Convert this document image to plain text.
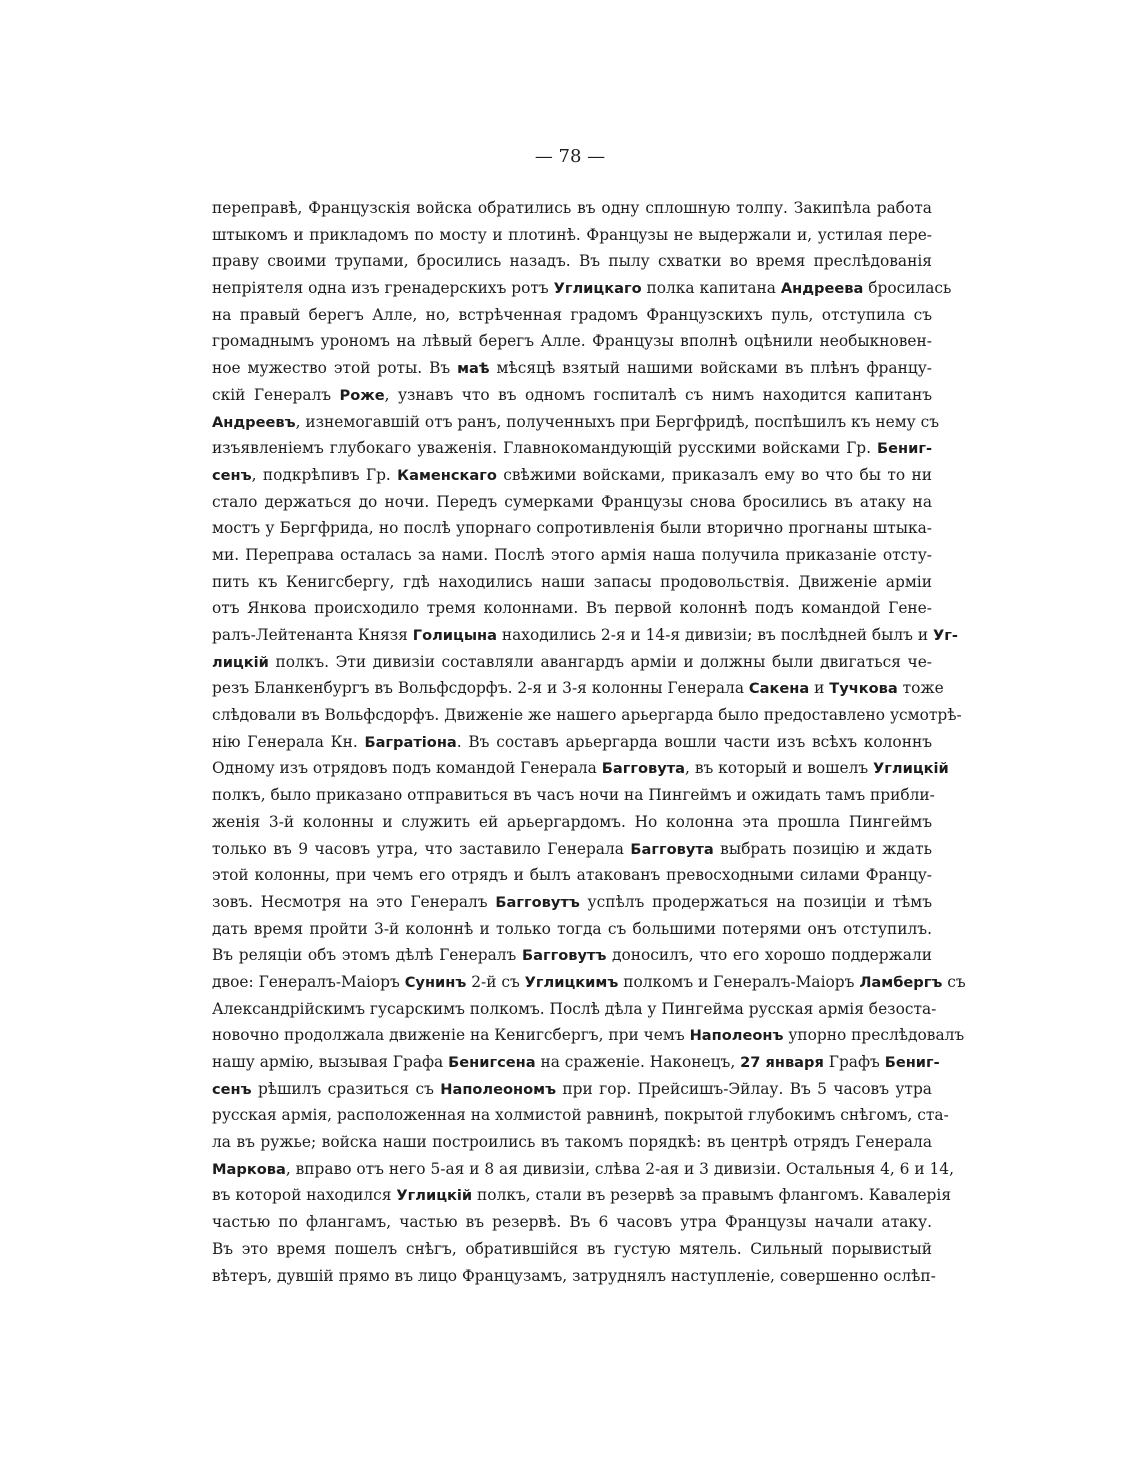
— 78 —
переправѣ, Французскія войска обратились въ одну сплошную толпу. Закипѣла работа
штыкомъ и прикладомъ по мосту и плотинѣ. Французы не выдержали и, устилая пере-
праву своими трупами, бросились назадъ. Въ пылу схватки во время преслѣдованія
непріятеля одна изъ гренадерскихъ ротъ Углицкаго полка капитана Андреева бросилась
на правый берегъ Алле, но, встрѣченная градомъ Французскихъ пуль, отступила съ
громаднымъ урономъ на лѣвый берегъ Алле. Французы вполнѣ оцѣнили необыкновен-
ное мужество этой роты. Въ маѣ мѣсяцѣ взятый нашими войсками въ плѣнъ францу-
скій Генералъ Роже, узнавъ что въ одномъ госпиталѣ съ нимъ находится капитанъ
Андреевъ, изнемогавшій отъ ранъ, полученныхъ при Бергфридѣ, поспѣшилъ къ нему съ
изъявленіемъ глубокаго уваженія. Главнокомандующій русскими войсками Гр. Бениг-
сенъ, подкрѣпивъ Гр. Каменскаго свѣжими войсками, приказалъ ему во что бы то ни
стало держаться до ночи. Передъ сумерками Французы снова бросились въ атаку на
мостъ у Бергфрида, но послѣ упорнаго сопротивленія были вторично прогнаны штыка-
ми. Переправа осталась за нами. Послѣ этого армія наша получила приказаніе отсту-
пить къ Кенигсбергу, гдѣ находились наши запасы продовольствія. Движеніе арміи
отъ Янкова происходило тремя колоннами. Въ первой колоннѣ подъ командой Гене-
ралъ-Лейтенанта Князя Голицына находились 2-я и 14-я дивизіи; въ послѣдней былъ и Уг-
лицкій полкъ. Эти дивизіи составляли авангардъ арміи и должны были двигаться че-
резъ Бланкенбургъ въ Вольфсдорфъ. 2-я и 3-я колонны Генерала Сакена и Тучкова тоже
слѣдовали въ Вольфсдорфъ. Движеніе же нашего арьергарда было предоставлено усмотрѣ-
нію Генерала Кн. Багратіона. Въ составъ арьергарда вошли части изъ всѣхъ колоннъ
Одному изъ отрядовъ подъ командой Генерала Багговута, въ который и вошелъ Углицкій
полкъ, было приказано отправиться въ часъ ночи на Пингеймъ и ожидать тамъ прибли-
женія 3-й колонны и служить ей арьергардомъ. Но колонна эта прошла Пингеймъ
только въ 9 часовъ утра, что заставило Генерала Багговута выбрать позицію и ждать
этой колонны, при чемъ его отрядъ и былъ атакованъ превосходными силами Францу-
зовъ. Несмотря на это Генералъ Багговутъ успѣлъ продержаться на позиціи и тѣмъ
дать время пройти 3-й колоннѣ и только тогда съ большими потерями онъ отступилъ.
Въ реляціи объ этомъ дѣлѣ Генералъ Багговутъ доносилъ, что его хорошо поддержали
двое: Генералъ-Маіоръ Сунинъ 2-й съ Углицкимъ полкомъ и Генералъ-Маіоръ Ламбергъ съ
Александрійскимъ гусарскимъ полкомъ. Послѣ дѣла у Пингейма русская армія безоста-
новочно продолжала движеніе на Кенигсбергъ, при чемъ Наполеонъ упорно преслѣдовалъ
нашу армію, вызывая Графа Бенигсена на сраженіе. Наконецъ, 27 января Графъ Бениг-
сенъ рѣшилъ сразиться съ Наполеономъ при гор. Прейсишъ-Эйлау. Въ 5 часовъ утра
русская армія, расположенная на холмистой равнинѣ, покрытой глубокимъ снѣгомъ, ста-
ла въ ружье; войска наши построились въ такомъ порядкѣ: въ центрѣ отрядъ Генерала
Маркова, вправо отъ него 5-ая и 8 ая дивизіи, слѣва 2-ая и 3 дивизіи. Остальныя 4, 6 и 14,
въ которой находился Углицкій полкъ, стали въ резервѣ за правымъ флангомъ. Кавалерія
частью по флангамъ, частью въ резервѣ. Въ 6 часовъ утра Французы начали атаку.
Въ это время пошелъ снѣгъ, обратившійся въ густую мятель. Сильный порывистый
вѣтеръ, дувшій прямо въ лицо Французамъ, затруднялъ наступленіе, совершенно ослѣп-
